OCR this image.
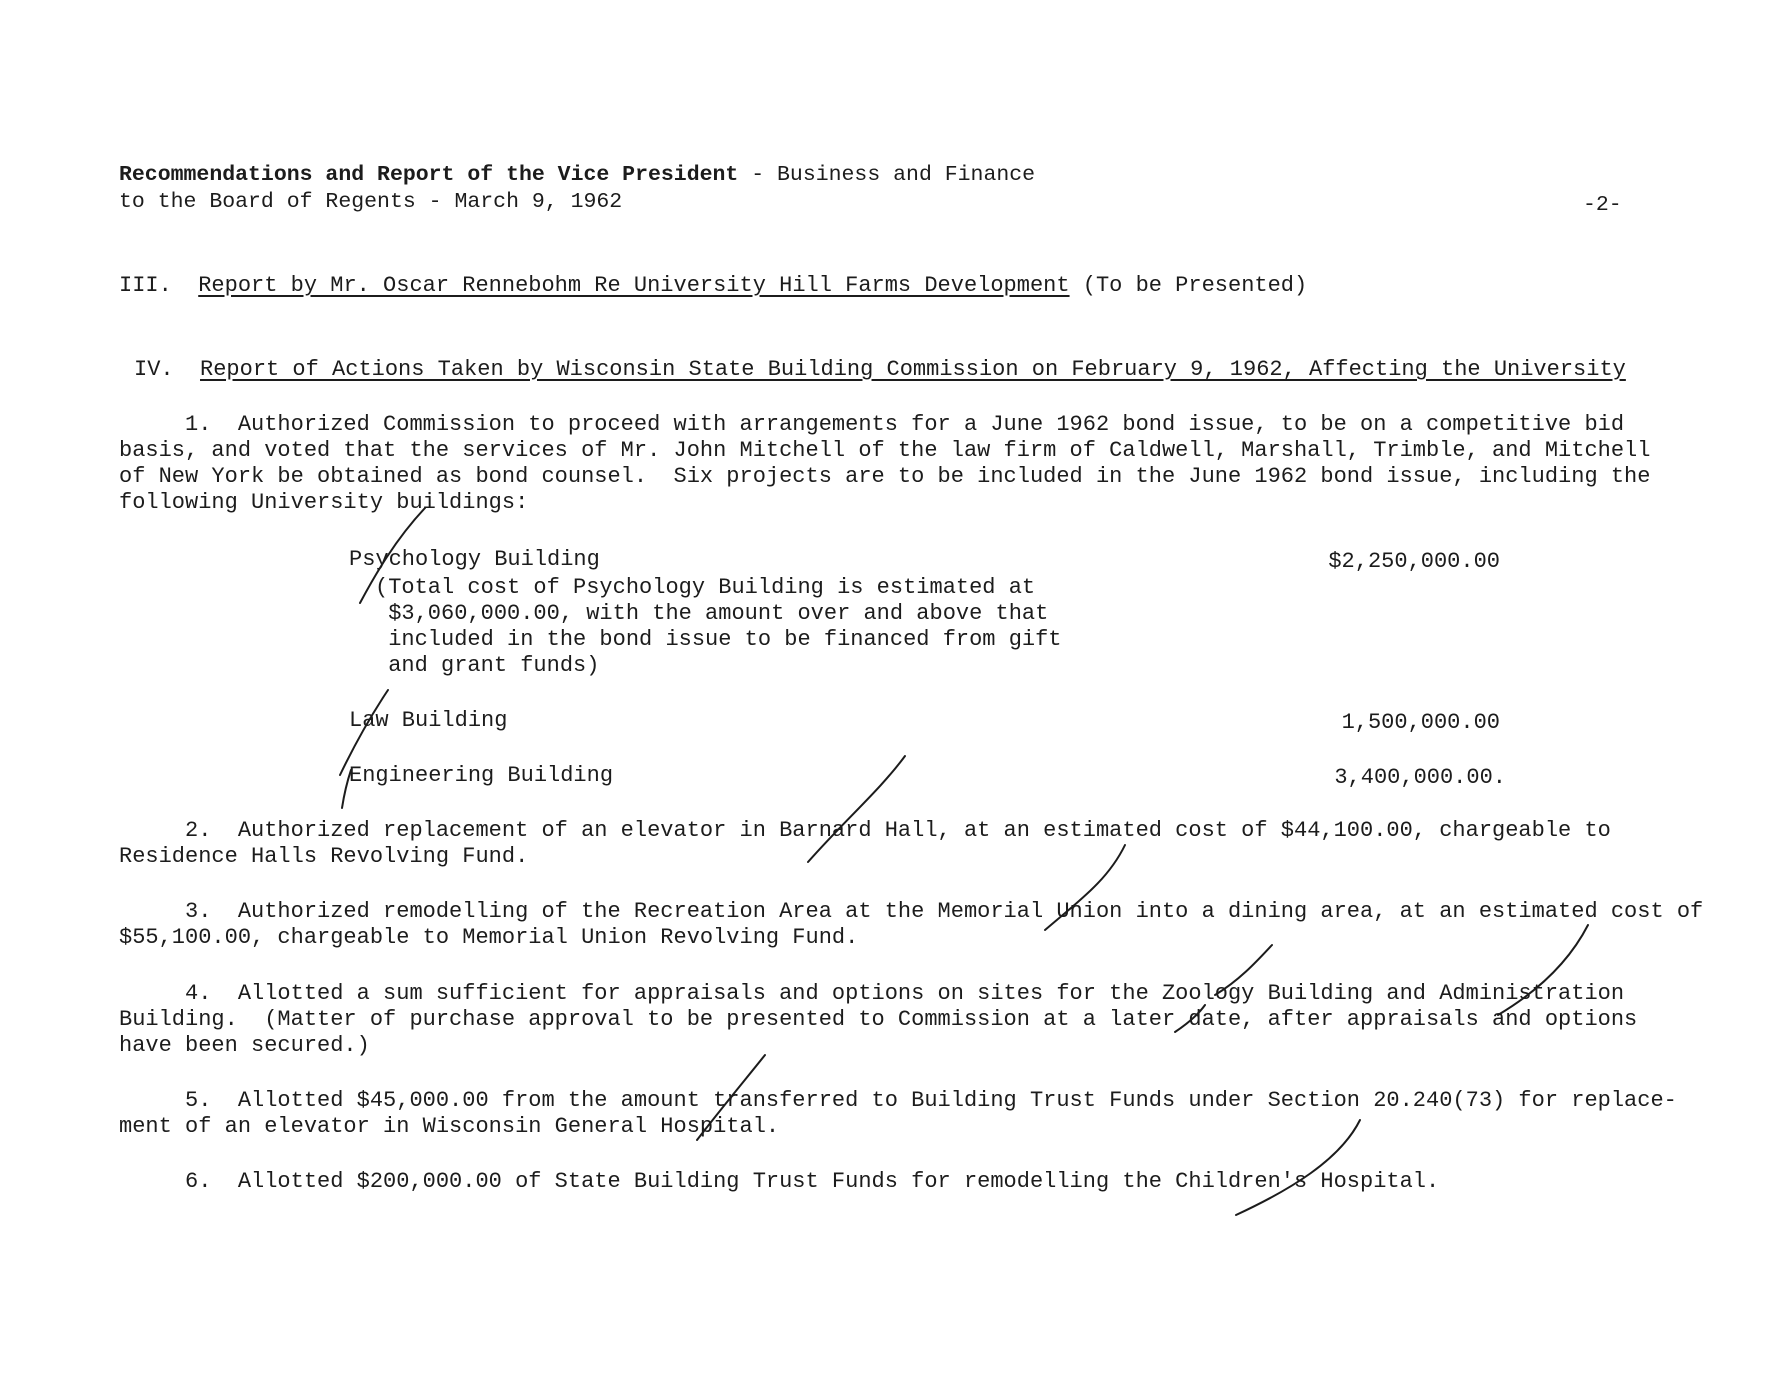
Recommendations and Report of the Vice President - Business and Finance
to the Board of Regents - March 9, 1962	-2-
III. Report by Mr. Oscar Rennebohm Re University Hill Farms Development (To be Presented)
IV. Report of Actions Taken by Wisconsin State Building Commission on February 9, 1962, Affecting the University
1.  Authorized Commission to proceed with arrangements for a June 1962 bond issue, to be on a competitive bid
basis, and voted that the services of Mr. John Mitchell of the law firm of Caldwell, Marshall, Trimble, and Mitchell
of New York be obtained as bond counsel.  Six projects are to be included in the June 1962 bond issue, including the
following University buildings:
Psychology Building	$2,250,000.00
(Total cost of Psychology Building is estimated at
$3,060,000.00, with the amount over and above that
included in the bond issue to be financed from gift
and grant funds)
Law Building	1,500,000.00
Engineering Building	3,400,000.00.
2.  Authorized replacement of an elevator in Barnard Hall, at an estimated cost of $44,100.00, chargeable to
Residence Halls Revolving Fund.
3.  Authorized remodelling of the Recreation Area at the Memorial Union into a dining area, at an estimated cost of
$55,100.00, chargeable to Memorial Union Revolving Fund.
4.  Allotted a sum sufficient for appraisals and options on sites for the Zoology Building and Administration
Building.  (Matter of purchase approval to be presented to Commission at a later date, after appraisals and options
have been secured.)
5.  Allotted $45,000.00 from the amount transferred to Building Trust Funds under Section 20.240(73) for replace-
ment of an elevator in Wisconsin General Hospital.
6.  Allotted $200,000.00 of State Building Trust Funds for remodelling the Children's Hospital.
